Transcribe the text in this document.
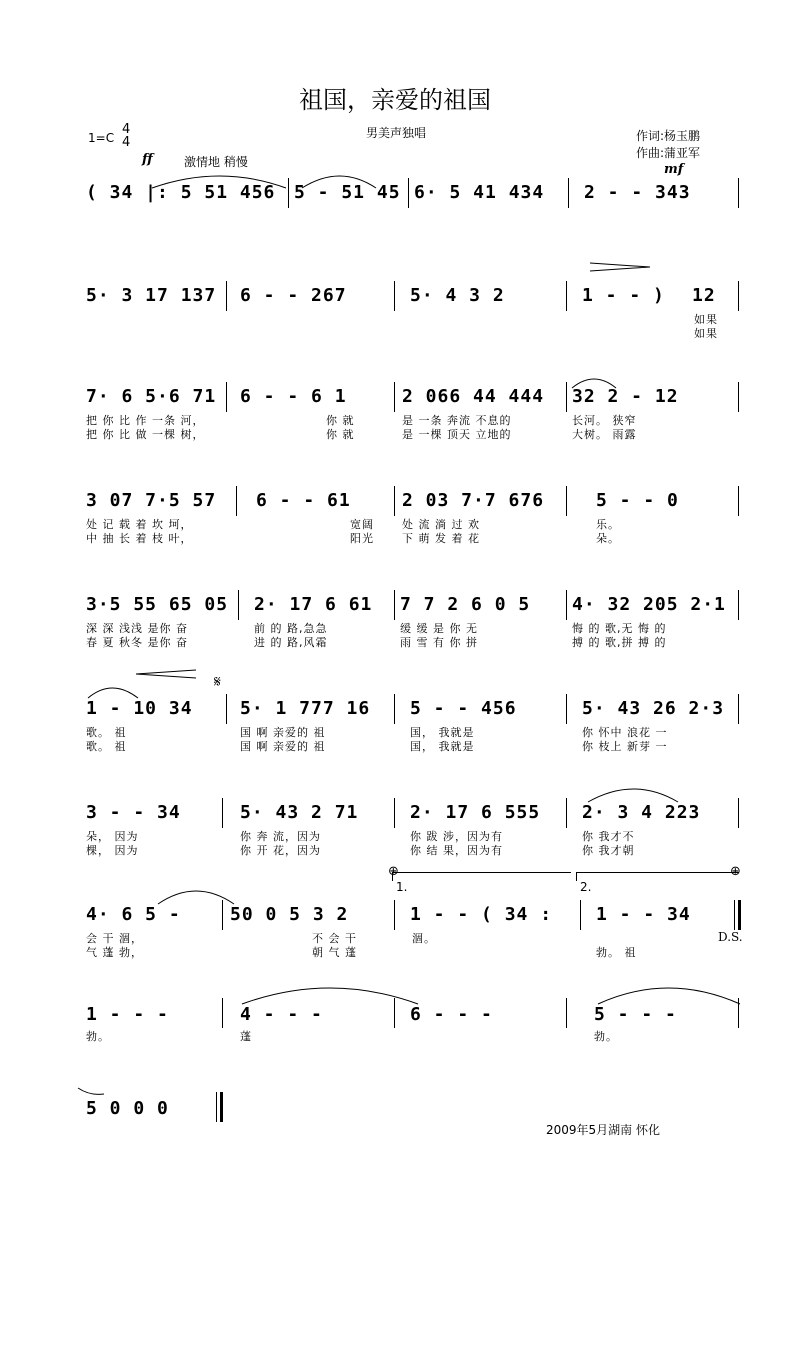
祖国，亲爱的祖国
1=C
4
4
男美声独唱	作词:杨玉鹏
作曲:蒲亚军
ff	激情地 稍慢	mf
( 34 |: 5 51 456 5 - 51 45 6· 5 41 434 2 - - 343
5· 3 17 137 6 - - 267	5· 4 3 2	1 - - ) 12
如果
如果
7· 6 5·6 71 6 - - 6 1	2 066 44 444 32 2 - 12
把 你 比 作 一条 河，	你 就	是 一条 奔流 不息的	长河。 狭窄
把 你 比 做 一棵 树，	你 就	是 一棵 顶天 立地的	大树。 雨露
3 07 7·5 57 6 - - 61	2 03 7·7 676	5 - - 0
处 记 载 着 坎 坷，	宽阔	处 流 淌 过 欢	乐。
中 抽 长 着 枝 叶，	阳光	下 萌 发 着 花	朵。
3·5 55 65 05 2· 17 6 61 7 7 2 6 0 5 4· 32 205 2·1
深 深 浅浅 是你 奋	前 的 路,急急	缓 缓 是 你 无	悔 的 歌,无 悔 的
春 夏 秋冬 是你 奋	进 的 路,风霜	雨 雪 有 你 拼	搏 的 歌,拼 搏 的
1 - 10 34	5· 1 777 16 5 - - 456	5· 43 26 2·3
歌。 祖	国 啊 亲爱的 祖	国， 我就是	你 怀中 浪花 一
歌。 祖	国 啊 亲爱的 祖	国， 我就是	你 枝上 新芽 一
𝄋
3 - - 34	5· 43 2 71	2· 17 6 555 2· 3 4 223
朵， 因为	你 奔 流，因为	你 跋 涉，因为有	你 我才不
棵， 因为	你 开 花，因为	你 结 果，因为有	你 我才朝
1.	2.
⊕	⊕
4· 6 5 -	50 0 5 3 2	1 - - ( 34 : 1 - - 34
会 干 涸，	不 会 干	涸。
勃。 祖
气 蓬 勃，	朝 气 蓬
D.S.
1 - - -	4 - - -	6 - - -	5 - - -
勃。	蓬	勃。
5 0 0 0
2009年5月湖南 怀化
